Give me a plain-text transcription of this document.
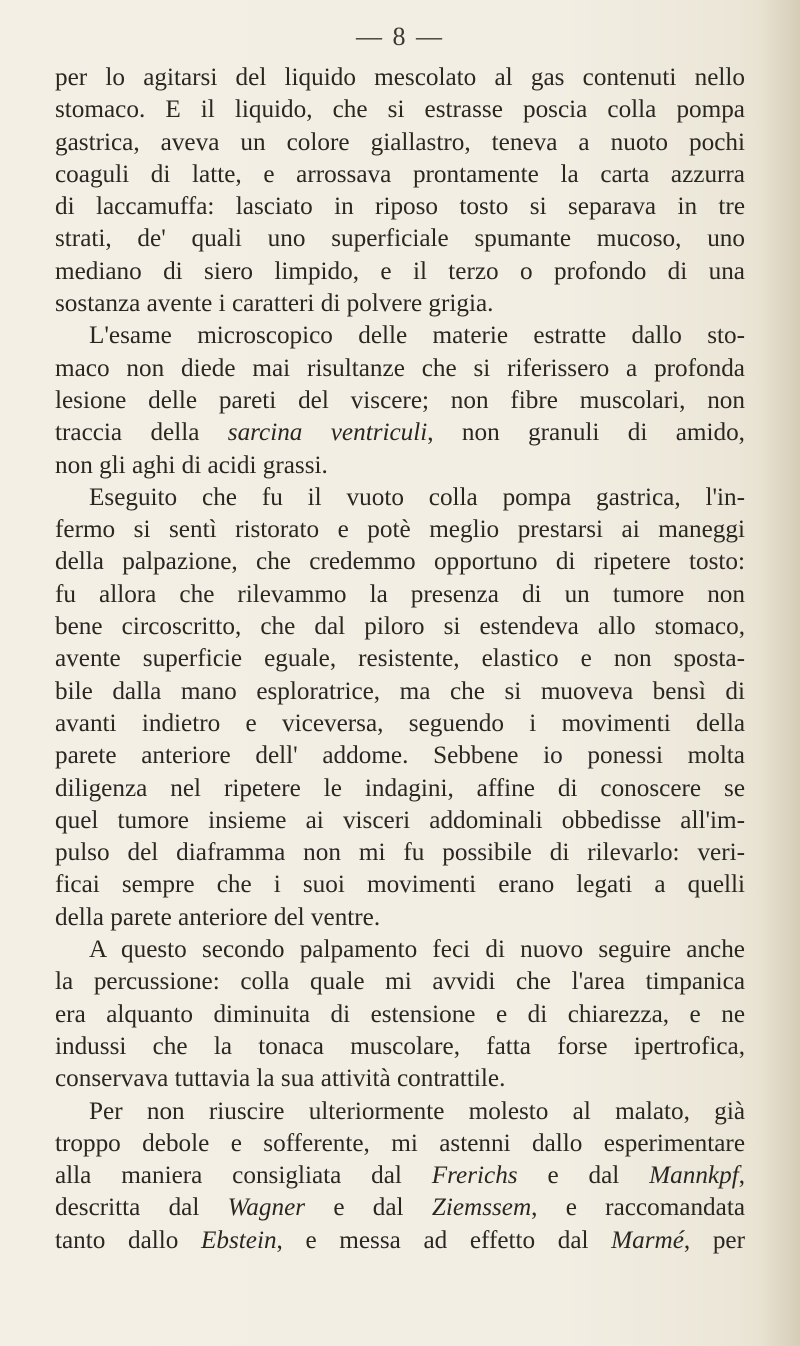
— 8 —
per lo agitarsi del liquido mescolato al gas contenuti nello
stomaco. E il liquido, che si estrasse poscia colla pompa
gastrica, aveva un colore giallastro, teneva a nuoto pochi
coaguli di latte, e arrossava prontamente la carta azzurra
di laccamuffa: lasciato in riposo tosto si separava in tre
strati, de' quali uno superficiale spumante mucoso, uno
mediano di siero limpido, e il terzo o profondo di una
sostanza avente i caratteri di polvere grigia.
L'esame microscopico delle materie estratte dallo sto-
maco non diede mai risultanze che si riferissero a profonda
lesione delle pareti del viscere; non fibre muscolari, non
traccia della sarcina ventriculi, non granuli di amido,
non gli aghi di acidi grassi.
Eseguito che fu il vuoto colla pompa gastrica, l'in-
fermo si sentì ristorato e potè meglio prestarsi ai maneggi
della palpazione, che credemmo opportuno di ripetere tosto:
fu allora che rilevammo la presenza di un tumore non
bene circoscritto, che dal piloro si estendeva allo stomaco,
avente superficie eguale, resistente, elastico e non sposta-
bile dalla mano esploratrice, ma che si muoveva bensì di
avanti indietro e viceversa, seguendo i movimenti della
parete anteriore dell' addome. Sebbene io ponessi molta
diligenza nel ripetere le indagini, affine di conoscere se
quel tumore insieme ai visceri addominali obbedisse all'im-
pulso del diaframma non mi fu possibile di rilevarlo: veri-
ficai sempre che i suoi movimenti erano legati a quelli
della parete anteriore del ventre.
A questo secondo palpamento feci di nuovo seguire anche
la percussione: colla quale mi avvidi che l'area timpanica
era alquanto diminuita di estensione e di chiarezza, e ne
indussi che la tonaca muscolare, fatta forse ipertrofica,
conservava tuttavia la sua attività contrattile.
Per non riuscire ulteriormente molesto al malato, già
troppo debole e sofferente, mi astenni dallo esperimentare
alla maniera consigliata dal Frerichs e dal Mannkpf,
descritta dal Wagner e dal Ziemssem, e raccomandata
tanto dallo Ebstein, e messa ad effetto dal Marmé, per
